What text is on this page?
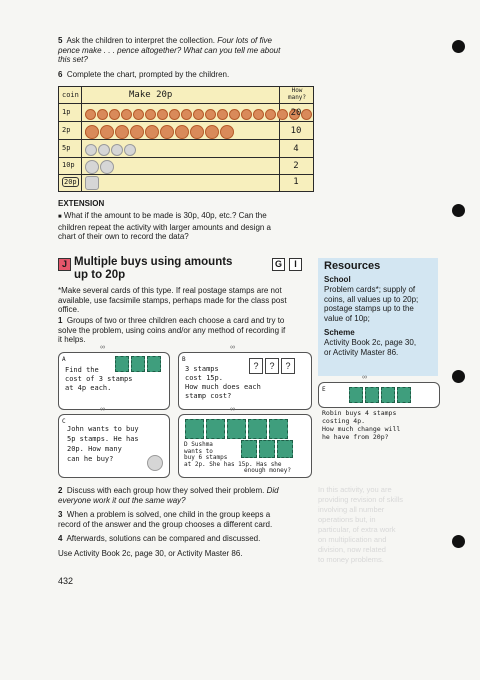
5 Ask the children to interpret the collection. Four lots of five
pence make . . . pence altogether? What can you tell me about
this set?
6 Complete the chart, prompted by the children.
coin	Make 20p	How
many?
1p	20
2p	10
5p	4
10p	2
20p	1
EXTENSION
■ What if the amount to be made is 30p, 40p, etc.? Can the
children repeat the activity with larger amounts and design a
chart of their own to record the data?
J Multiple buys using amounts
up to 20p
G	I
*Make several cards of this type. If real postage stamps are not
available, use facsimile stamps, perhaps made for the class post
office.
1 Groups of two or three children each choose a card and try to
solve the problem, using coins and/or any method of recording if
it helps.
Resources
School
Problem cards*; supply of
coins, all values up to 20p;
postage stamps up to the
value of 10p;
Scheme
Activity Book 2c, page 30,
or Activity Master 86.
∞
A
Find the
cost of 3 stamps
at 4p each.
∞
B
? ? ?
3 stamps
cost 15p.
How much does each
stamp cost?
∞
E
Robin buys 4 stamps
costing 4p.
How much change will
he have from 20p?
∞
C
John wants to buy
5p stamps. He has
20p. How many
can he buy?
∞
D Sushma
wants to
buy 6 stamps
at 2p. She has 15p. Has she
enough money?
2 Discuss with each group how they solved their problem. Did
everyone work it out the same way?
3 When a problem is solved, one child in the group keeps a
record of the answer and the group chooses a different card.
4 Afterwards, solutions can be compared and discussed.
Use Activity Book 2c, page 30, or Activity Master 86.
In this activity, you are
providing revision of skills
involving all number
operations but, in
particular, of extra work
on multiplication and
division, now related
to money problems.
432
